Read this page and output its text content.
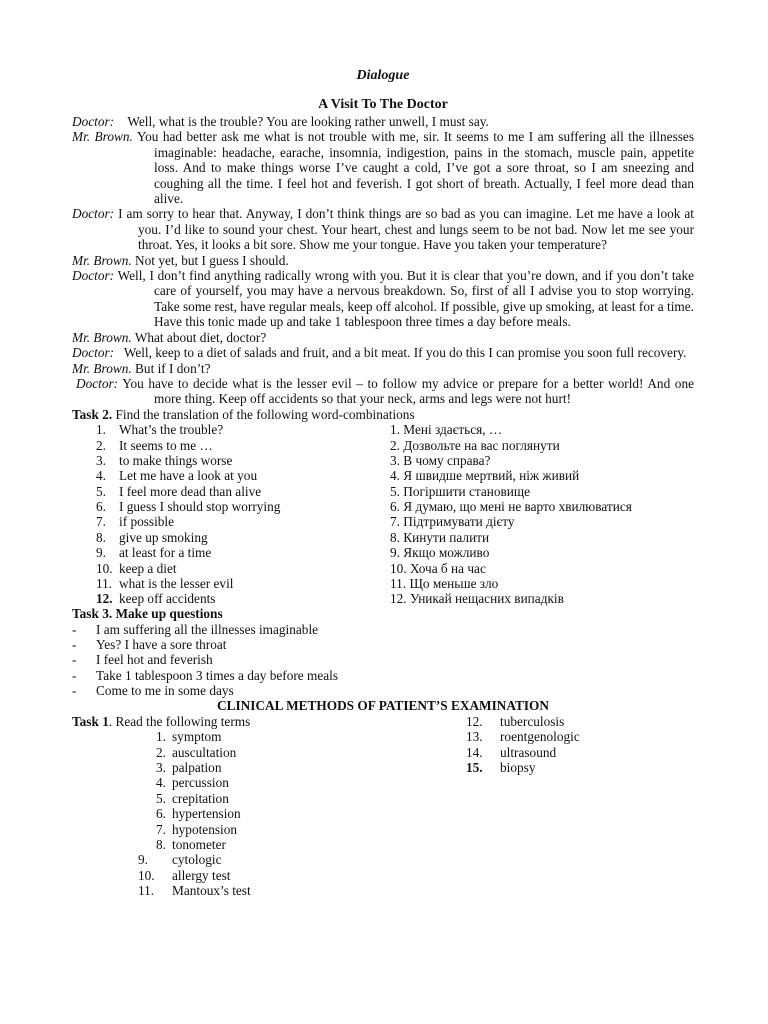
Dialogue
A Visit To The Doctor
Doctor: Well, what is the trouble? You are looking rather unwell, I must say.
Mr. Brown. You had better ask me what is not trouble with me, sir. It seems to me I am suffering all the illnesses imaginable: headache, earache, insomnia, indigestion, pains in the stomach, muscle pain, appetite loss. And to make things worse I’ve caught a cold, I’ve got a sore throat, so I am sneezing and coughing all the time. I feel hot and feverish. I got short of breath. Actually, I feel more dead than alive.
Doctor: I am sorry to hear that. Anyway, I don’t think things are so bad as you can imagine. Let me have a look at you. I’d like to sound your chest. Your heart, chest and lungs seem to be not bad. Now let me see your throat. Yes, it looks a bit sore. Show me your tongue. Have you taken your temperature?
Mr. Brown. Not yet, but I guess I should.
Doctor: Well, I don’t find anything radically wrong with you. But it is clear that you’re down, and if you don’t take care of yourself, you may have a nervous breakdown. So, first of all I advise you to stop worrying. Take some rest, have regular meals, keep off alcohol. If possible, give up smoking, at least for a time. Have this tonic made up and take 1 tablespoon three times a day before meals.
Mr. Brown. What about diet, doctor?
Doctor: Well, keep to a diet of salads and fruit, and a bit meat. If you do this I can promise you soon full recovery.
Mr. Brown. But if I don’t?
Doctor: You have to decide what is the lesser evil – to follow my advice or prepare for a better world! And one more thing. Keep off accidents so that your neck, arms and legs were not hurt!
Task 2. Find the translation of the following word-combinations
1. What’s the trouble?
2. It seems to me …
3. to make things worse
4. Let me have a look at you
5. I feel more dead than alive
6. I guess I should stop worrying
7. if possible
8. give up smoking
9. at least for a time
10. keep a diet
11. what is the lesser evil
12. keep off accidents
1. Мені здається, …
2. Дозвольте на вас поглянути
3. В чому справа?
4. Я швидше мертвий, ніж живий
5. Погіршити становище
6. Я думаю, що мені не варто хвилюватися
7. Підтримувати дієту
8. Кинути палити
9. Якщо можливо
10. Хоча б на час
11. Що меньше зло
12. Уникай нещасних випадків
Task 3. Make up questions
- I am suffering all the illnesses imaginable
- Yes? I have a sore throat
- I feel hot and feverish
- Take 1 tablespoon 3 times a day before meals
- Come to me in some days
CLINICAL METHODS OF PATIENT’S EXAMINATION
Task 1. Read the following terms
1. symptom
2. auscultation
3. palpation
4. percussion
5. crepitation
6. hypertension
7. hypotension
8. tonometer
9. cytologic
10. allergy test
11. Mantoux’s test
12. tuberculosis
13. roentgenologic
14. ultrasound
15. biopsy
